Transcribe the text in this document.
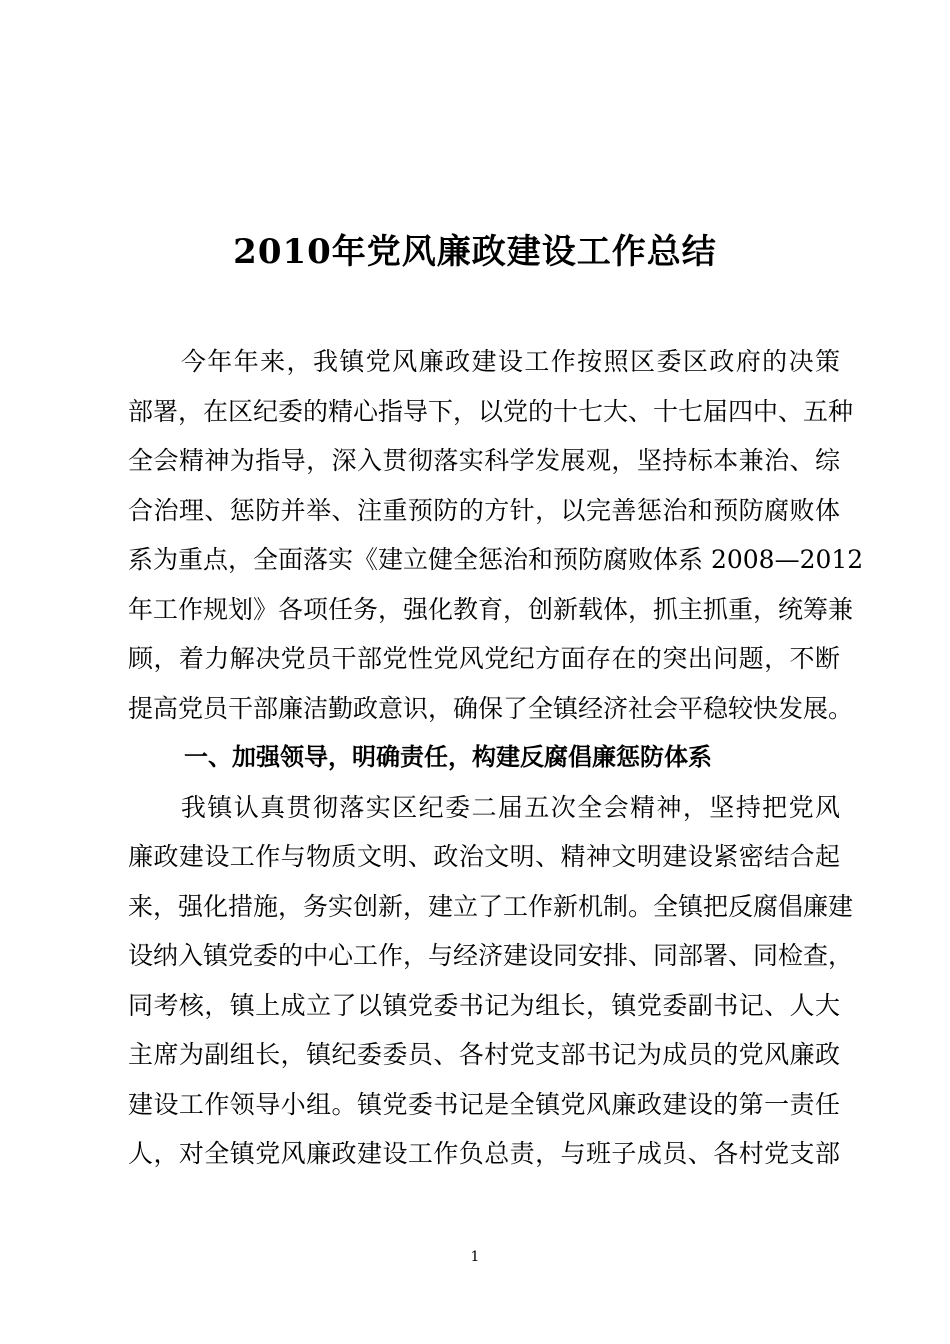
2010年党风廉政建设工作总结
　　今年年来，我镇党风廉政建设工作按照区委区政府的决策
部署，在区纪委的精心指导下，以党的十七大、十七届四中、五种
全会精神为指导，深入贯彻落实科学发展观，坚持标本兼治、综
合治理、惩防并举、注重预防的方针，以完善惩治和预防腐败体
系为重点，全面落实《建立健全惩治和预防腐败体系 2008—2012
年工作规划》各项任务，强化教育，创新载体，抓主抓重，统筹兼
顾，着力解决党员干部党性党风党纪方面存在的突出问题，不断
提高党员干部廉洁勤政意识，确保了全镇经济社会平稳较快发展。
一、加强领导，明确责任，构建反腐倡廉惩防体系
　　我镇认真贯彻落实区纪委二届五次全会精神，坚持把党风
廉政建设工作与物质文明、政治文明、精神文明建设紧密结合起
来，强化措施，务实创新，建立了工作新机制。全镇把反腐倡廉建
设纳入镇党委的中心工作，与经济建设同安排、同部署、同检查，
同考核，镇上成立了以镇党委书记为组长，镇党委副书记、人大
主席为副组长，镇纪委委员、各村党支部书记为成员的党风廉政
建设工作领导小组。镇党委书记是全镇党风廉政建设的第一责任
人，对全镇党风廉政建设工作负总责，与班子成员、各村党支部
1
